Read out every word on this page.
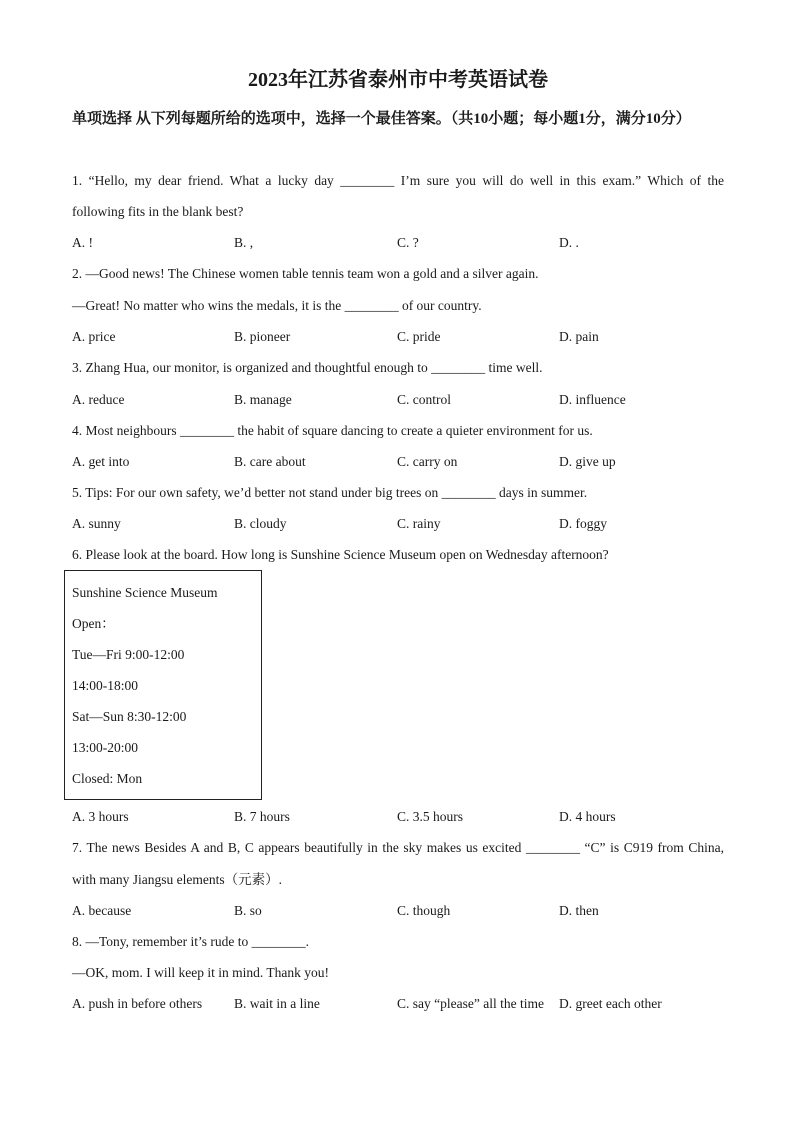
2023年江苏省泰州市中考英语试卷

单项选择 从下列每题所给的选项中，选择一个最佳答案。（共10小题；每小题1分，满分10分）

1. “Hello, my dear friend. What a lucky day ________ I’m sure you will do well in this exam.” Which of the
following fits in the blank best?
A. !	B. ,	C. ?	D. .
2. —Good news! The Chinese women table tennis team won a gold and a silver again.
—Great! No matter who wins the medals, it is the ________ of our country.
A. price	B. pioneer	C. pride	D. pain
3. Zhang Hua, our monitor, is organized and thoughtful enough to ________ time well.
A. reduce	B. manage	C. control	D. influence
4. Most neighbours ________ the habit of square dancing to create a quieter environment for us.
A. get into	B. care about	C. carry on	D. give up
5. Tips: For our own safety, we’d better not stand under big trees on ________ days in summer.
A. sunny	B. cloudy	C. rainy	D. foggy
6. Please look at the board. How long is Sunshine Science Museum open on Wednesday afternoon?
Sunshine Science Museum
Open：
Tue—Fri 9:00-12:00
14:00-18:00
Sat—Sun 8:30-12:00
13:00-20:00
Closed: Mon
A. 3 hours	B. 7 hours	C. 3.5 hours	D. 4 hours
7. The news Besides A and B, C appears beautifully in the sky makes us excited ________ “C” is C919 from China,
with many Jiangsu elements（元素）.
A. because	B. so	C. though	D. then
8. —Tony, remember it’s rude to ________.
—OK, mom. I will keep it in mind. Thank you!
A. push in before others B. wait in a line	C. say “please” all the time D. greet each other
